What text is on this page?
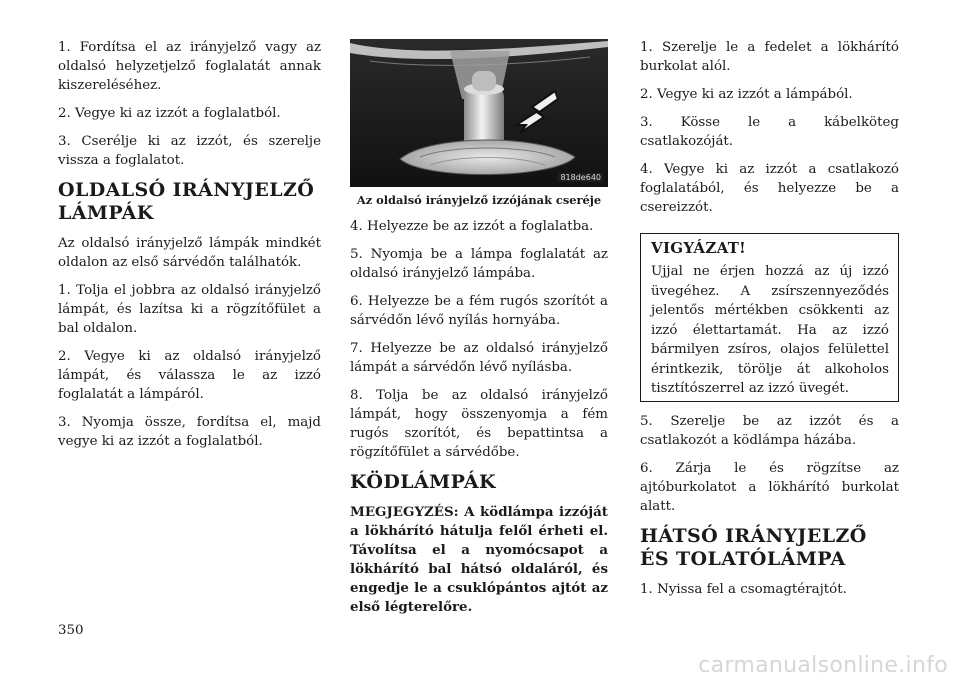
1. Fordítsa el az irányjelző vagy az oldalsó helyzetjelző foglalatát annak kiszereléséhez.

2. Vegye ki az izzót a foglalatból.

3. Cserélje ki az izzót, és szerelje vissza a foglalatot.

OLDALSÓ IRÁNYJELZŐ LÁMPÁK

Az oldalsó irányjelző lámpák mindkét oldalon az első sárvédőn találhatók.

1. Tolja el jobbra az oldalsó irányjelző lámpát, és lazítsa ki a rögzítőfület a bal oldalon.

2. Vegye ki az oldalsó irányjelző lámpát, és válassza le az izzó foglalatát a lámpáról.

3. Nyomja össze, fordítsa el, majd vegye ki az izzót a foglalatból.

818de640
Az oldalsó irányjelző izzójának cseréje

4. Helyezze be az izzót a foglalatba.

5. Nyomja be a lámpa foglalatát az oldalsó irányjelző lámpába.

6. Helyezze be a fém rugós szorítót a sárvédőn lévő nyílás hornyába.

7. Helyezze be az oldalsó irányjelző lámpát a sárvédőn lévő nyílásba.

8. Tolja be az oldalsó irányjelző lámpát, hogy összenyomja a fém rugós szorítót, és bepattintsa a rögzítőfület a sárvédőbe.

KÖDLÁMPÁK

MEGJEGYZÉS: A ködlámpa izzóját a lökhárító hátulja felől érheti el. Távolítsa el a nyomócsapot a lökhárító bal hátsó oldaláról, és engedje le a csuklópántos ajtót az első légterelőre.

1. Szerelje le a fedelet a lökhárító burkolat alól.

2. Vegye ki az izzót a lámpából.

3. Kösse le a kábelköteg csatlakozóját.

4. Vegye ki az izzót a csatlakozó foglalatából, és helyezze be a csereizzót.

VIGYÁZAT!

Ujjal ne érjen hozzá az új izzó üvegéhez. A zsírszennyeződés jelentős mértékben csökkenti az izzó élettartamát. Ha az izzó bármilyen zsíros, olajos felülettel érintkezik, törölje át alkoholos tisztítószerrel az izzó üvegét.

5. Szerelje be az izzót és a csatlakozót a ködlámpa házába.

6. Zárja le és rögzítse az ajtóburkolatot a lökhárító burkolat alatt.

HÁTSÓ IRÁNYJELZŐ ÉS TOLATÓLÁMPA

1. Nyissa fel a csomagtérajtót.

350
carmanualsonline.info
